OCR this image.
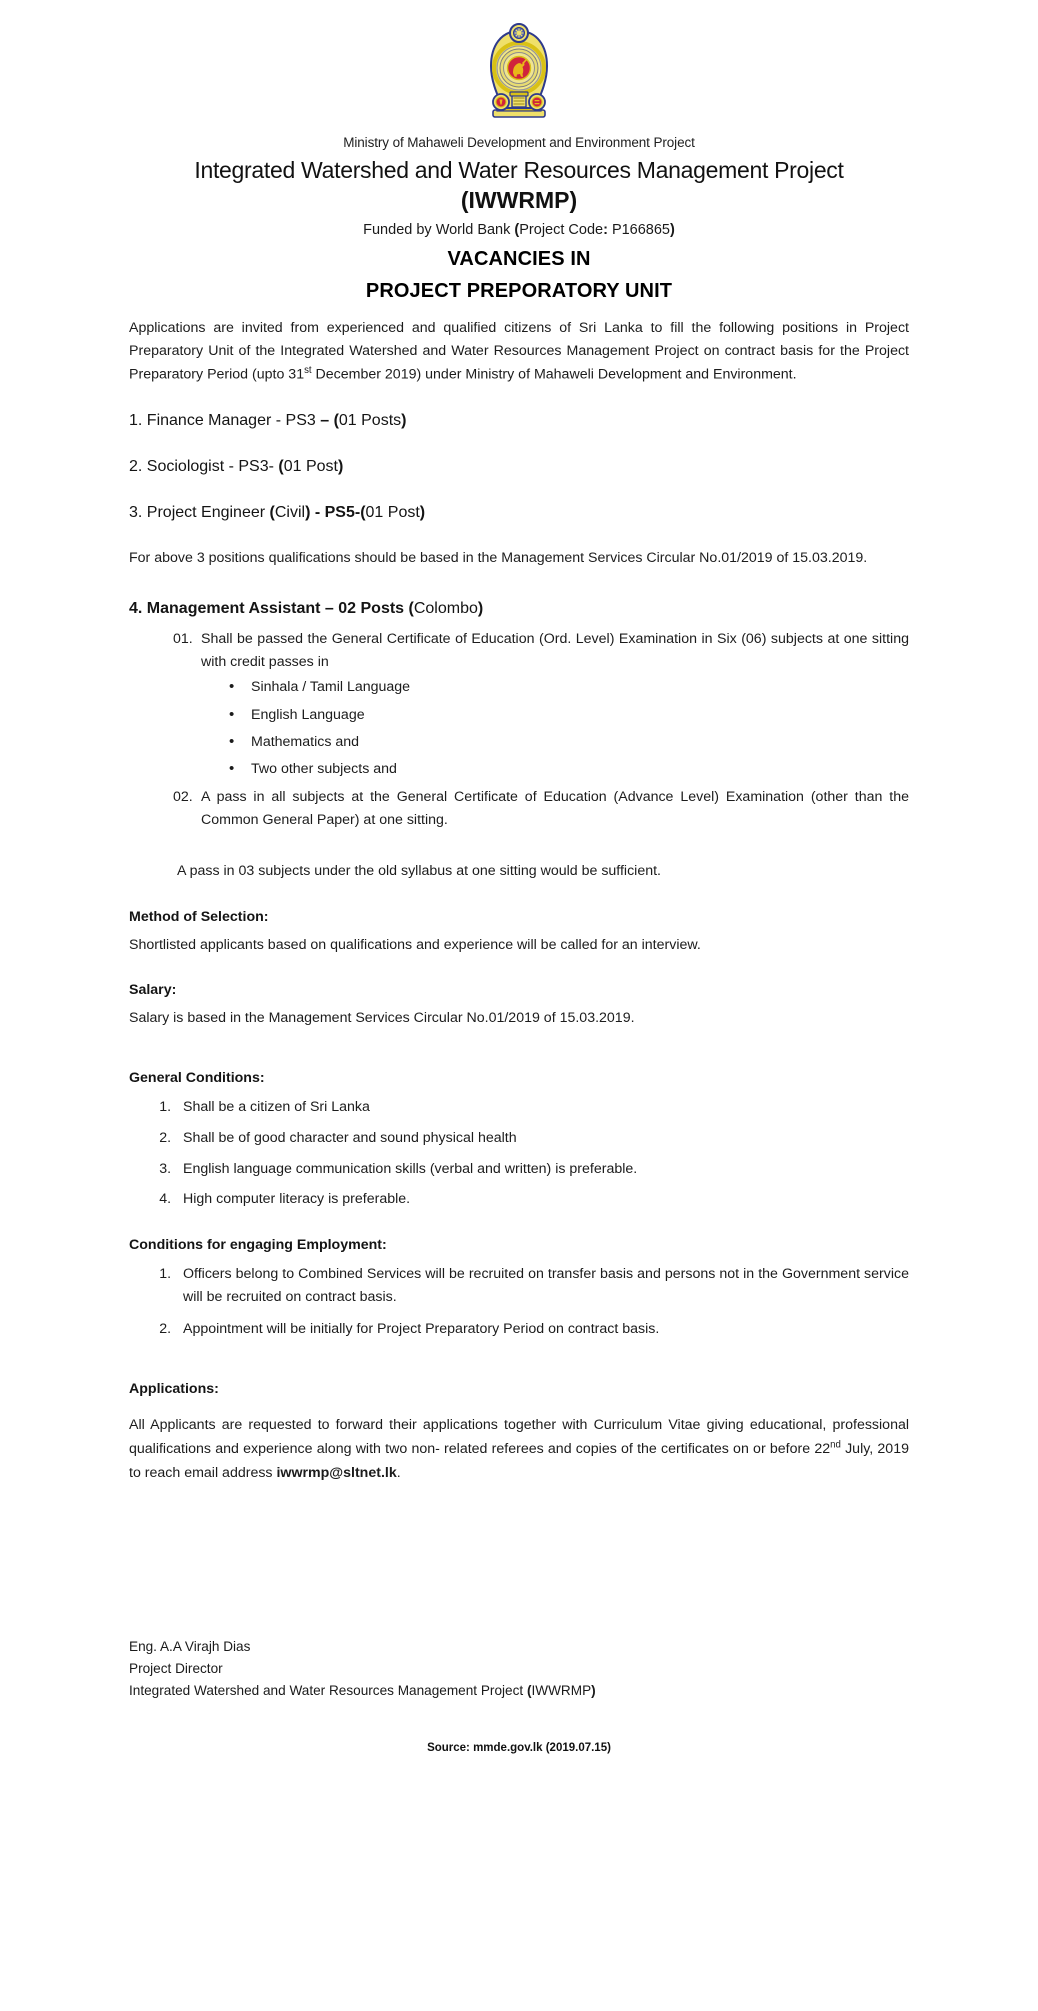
Ministry of Mahaweli Development and Environment Project
Integrated Watershed and Water Resources Management Project
(IWWRMP)
Funded by World Bank (Project Code: P166865)
VACANCIES IN
PROJECT PREPORATORY UNIT

Applications are invited from experienced and qualified citizens of Sri Lanka to fill the following positions in Project Preparatory Unit of the Integrated Watershed and Water Resources Management Project on contract basis for the Project Preparatory Period (upto 31st December 2019) under Ministry of Mahaweli Development and Environment.

1. Finance Manager - PS3 – (01 Posts)
2. Sociologist - PS3- (01 Post)
3. Project Engineer (Civil) - PS5-(01 Post)

For above 3 positions qualifications should be based in the Management Services Circular No.01/2019 of 15.03.2019.

4. Management Assistant – 02 Posts (Colombo)
01. Shall be passed the General Certificate of Education (Ord. Level) Examination in Six (06) subjects at one sitting with credit passes in
• Sinhala / Tamil Language
• English Language
• Mathematics and
• Two other subjects and
02. A pass in all subjects at the General Certificate of Education (Advance Level) Examination (other than the Common General Paper) at one sitting.
A pass in 03 subjects under the old syllabus at one sitting would be sufficient.
Method of Selection:

Shortlisted applicants based on qualifications and experience will be called for an interview.

Salary:

Salary is based in the Management Services Circular No.01/2019 of 15.03.2019.

General Conditions:
1. Shall be a citizen of Sri Lanka
2. Shall be of good character and sound physical health
3. English language communication skills (verbal and written) is preferable.
4. High computer literacy is preferable.
Conditions for engaging Employment:
1. Officers belong to Combined Services will be recruited on transfer basis and persons not in the Government service will be recruited on contract basis.
2. Appointment will be initially for Project Preparatory Period on contract basis.
Applications:

All Applicants are requested to forward their applications together with Curriculum Vitae giving educational, professional qualifications and experience along with two non- related referees and copies of the certificates on or before 22nd July, 2019 to reach email address iwwrmp@sltnet.lk.

Eng. A.A Virajh Dias
Project Director
Integrated Watershed and Water Resources Management Project (IWWRMP)
Source: mmde.gov.lk (2019.07.15)
